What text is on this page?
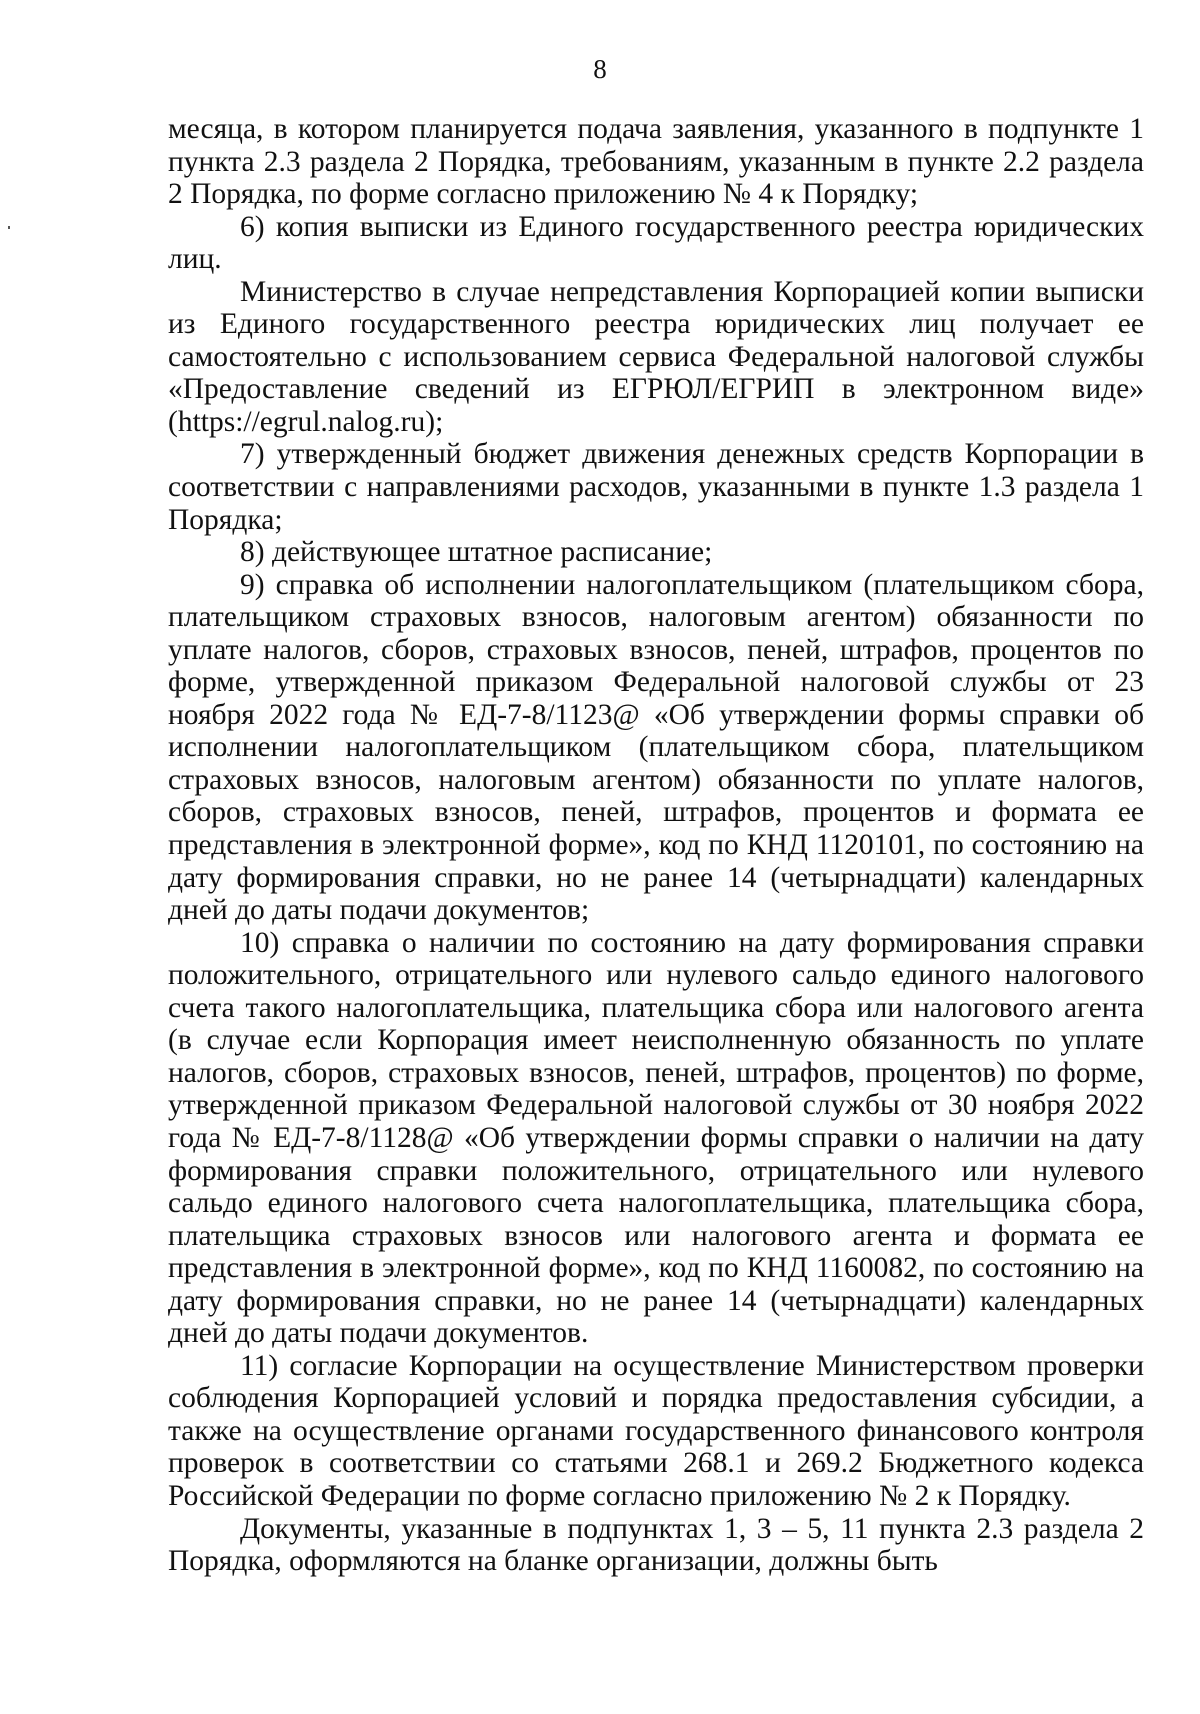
8

месяца, в котором планируется подача заявления, указанного в подпункте 1 пункта 2.3 раздела 2 Порядка, требованиям, указанным в пункте 2.2 раздела 2 Порядка, по форме согласно приложению № 4 к Порядку;

6) копия выписки из Единого государственного реестра юридических лиц.

Министерство в случае непредставления Корпорацией копии выписки из Единого государственного реестра юридических лиц получает ее самостоятельно с использованием сервиса Федеральной налоговой службы «Предоставление сведений из ЕГРЮЛ/ЕГРИП в электронном виде» (https://egrul.nalog.ru);

7) утвержденный бюджет движения денежных средств Корпорации в соответствии с направлениями расходов, указанными в пункте 1.3 раздела 1 Порядка;

8) действующее штатное расписание;

9) справка об исполнении налогоплательщиком (плательщиком сбора, плательщиком страховых взносов, налоговым агентом) обязанности по уплате налогов, сборов, страховых взносов, пеней, штрафов, процентов по форме, утвержденной приказом Федеральной налоговой службы от 23 ноября 2022 года № ЕД-7-8/1123@ «Об утверждении формы справки об исполнении налогоплательщиком (плательщиком сбора, плательщиком страховых взносов, налоговым агентом) обязанности по уплате налогов, сборов, страховых взносов, пеней, штрафов, процентов и формата ее представления в электронной форме», код по КНД 1120101, по состоянию на дату формирования справки, но не ранее 14 (четырнадцати) календарных дней до даты подачи документов;

10) справка о наличии по состоянию на дату формирования справки положительного, отрицательного или нулевого сальдо единого налогового счета такого налогоплательщика, плательщика сбора или налогового агента (в случае если Корпорация имеет неисполненную обязанность по уплате налогов, сборов, страховых взносов, пеней, штрафов, процентов) по форме, утвержденной приказом Федеральной налоговой службы от 30 ноября 2022 года № ЕД-7-8/1128@ «Об утверждении формы справки о наличии на дату формирования справки положительного, отрицательного или нулевого сальдо единого налогового счета налогоплательщика, плательщика сбора, плательщика страховых взносов или налогового агента и формата ее представления в электронной форме», код по КНД 1160082, по состоянию на дату формирования справки, но не ранее 14 (четырнадцати) календарных дней до даты подачи документов.

11) согласие Корпорации на осуществление Министерством проверки соблюдения Корпорацией условий и порядка предоставления субсидии, а также на осуществление органами государственного финансового контроля проверок в соответствии со статьями 268.1 и 269.2 Бюджетного кодекса Российской Федерации по форме согласно приложению № 2 к Порядку.

Документы, указанные в подпунктах 1, 3 – 5, 11 пункта 2.3 раздела 2 Порядка, оформляются на бланке организации, должны быть
